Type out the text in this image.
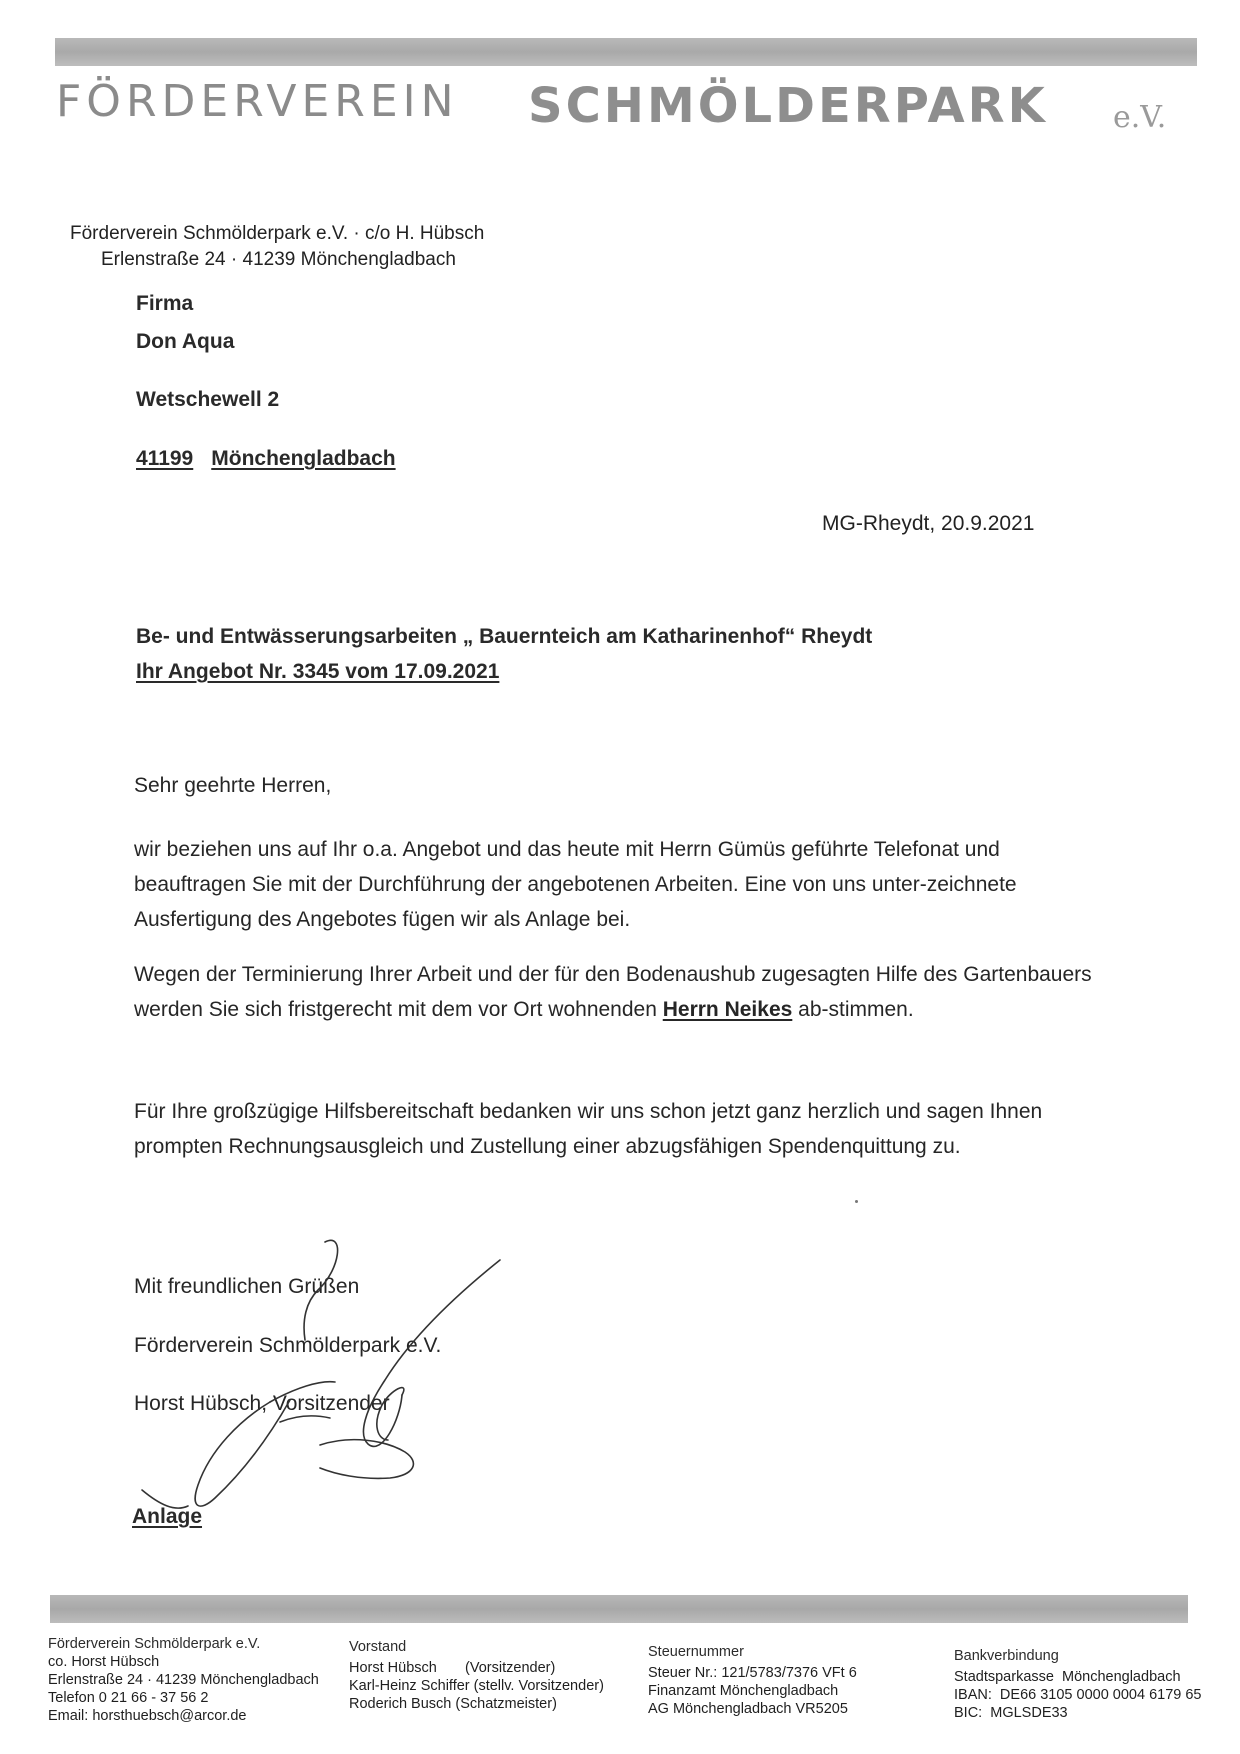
FÖRDERVEREIN SCHMÖLDERPARK e.V.
Förderverein Schmölderpark e.V. · c/o H. Hübsch
Erlenstraße 24 · 41239 Mönchengladbach
Firma
Don Aqua
Wetschewell 2
41199 Mönchengladbach
MG-Rheydt, 20.9.2021
Be- und Entwässerungsarbeiten „ Bauernteich am Katharinenhof“ Rheydt
Ihr Angebot Nr. 3345 vom 17.09.2021
Sehr geehrte Herren,
wir beziehen uns auf Ihr o.a. Angebot und das heute mit Herrn Gümüs geführte Telefonat und beauftragen Sie mit der Durchführung der angebotenen Arbeiten. Eine von uns unter-zeichnete Ausfertigung des Angebotes fügen wir als Anlage bei.
Wegen der Terminierung Ihrer Arbeit und der für den Bodenaushub zugesagten Hilfe des Gartenbauers werden Sie sich fristgerecht mit dem vor Ort wohnenden Herrn Neikes ab-stimmen.
Für Ihre großzügige Hilfsbereitschaft bedanken wir uns schon jetzt ganz herzlich und sagen Ihnen prompten Rechnungsausgleich und Zustellung einer abzugsfähigen Spendenquittung zu.
Mit freundlichen Grüßen
Förderverein Schmölderpark e.V.
Horst Hübsch, Vorsitzender
Anlage
Förderverein Schmölderpark e.V.
co. Horst Hübsch
Erlenstraße 24 · 41239 Mönchengladbach
Telefon 0 21 66 - 37 56 2
Email: horsthuebsch@arcor.de
Vorstand
Horst Hübsch       (Vorsitzender)
Karl-Heinz Schiffer (stellv. Vorsitzender)
Roderich Busch (Schatzmeister)
Steuernummer
Steuer Nr.: 121/5783/7376 VFt 6
Finanzamt Mönchengladbach
AG Mönchengladbach VR5205
Bankverbindung
Stadtsparkasse  Mönchengladbach
IBAN:  DE66 3105 0000 0004 6179 65
BIC:  MGLSDE33
